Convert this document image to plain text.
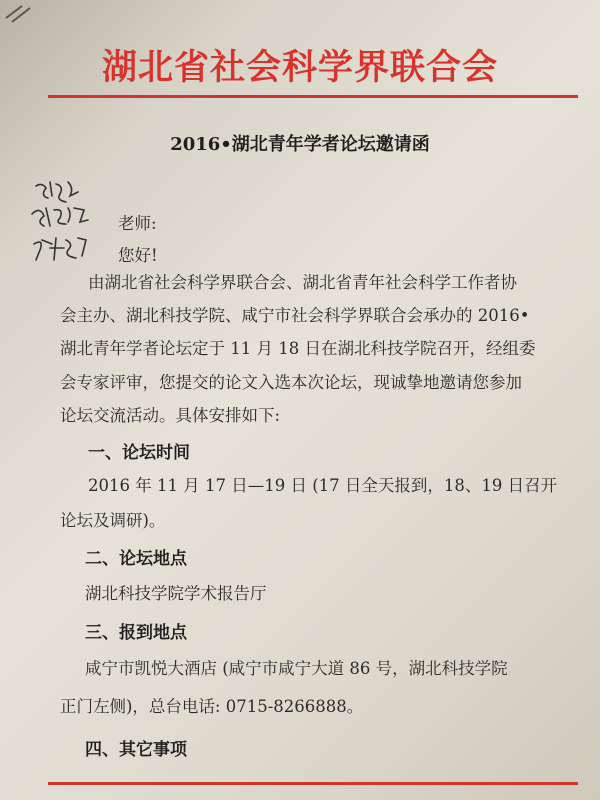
湖北省社会科学界联合会
2016•湖北青年学者论坛邀请函
老师:
您好!
由湖北省社会科学界联合会、湖北省青年社会科学工作者协
会主办、湖北科技学院、咸宁市社会科学界联合会承办的 2016•
湖北青年学者论坛定于 11 月 18 日在湖北科技学院召开，经组委
会专家评审，您提交的论文入选本次论坛，现诚挚地邀请您参加
论坛交流活动。具体安排如下:
一、论坛时间
2016 年 11 月 17 日—19 日 (17 日全天报到，18、19 日召开
论坛及调研)。
二、论坛地点
湖北科技学院学术报告厅
三、报到地点
咸宁市凯悦大酒店 (咸宁市咸宁大道 86 号，湖北科技学院
正门左侧)，总台电话: 0715-8266888。
四、其它事项
